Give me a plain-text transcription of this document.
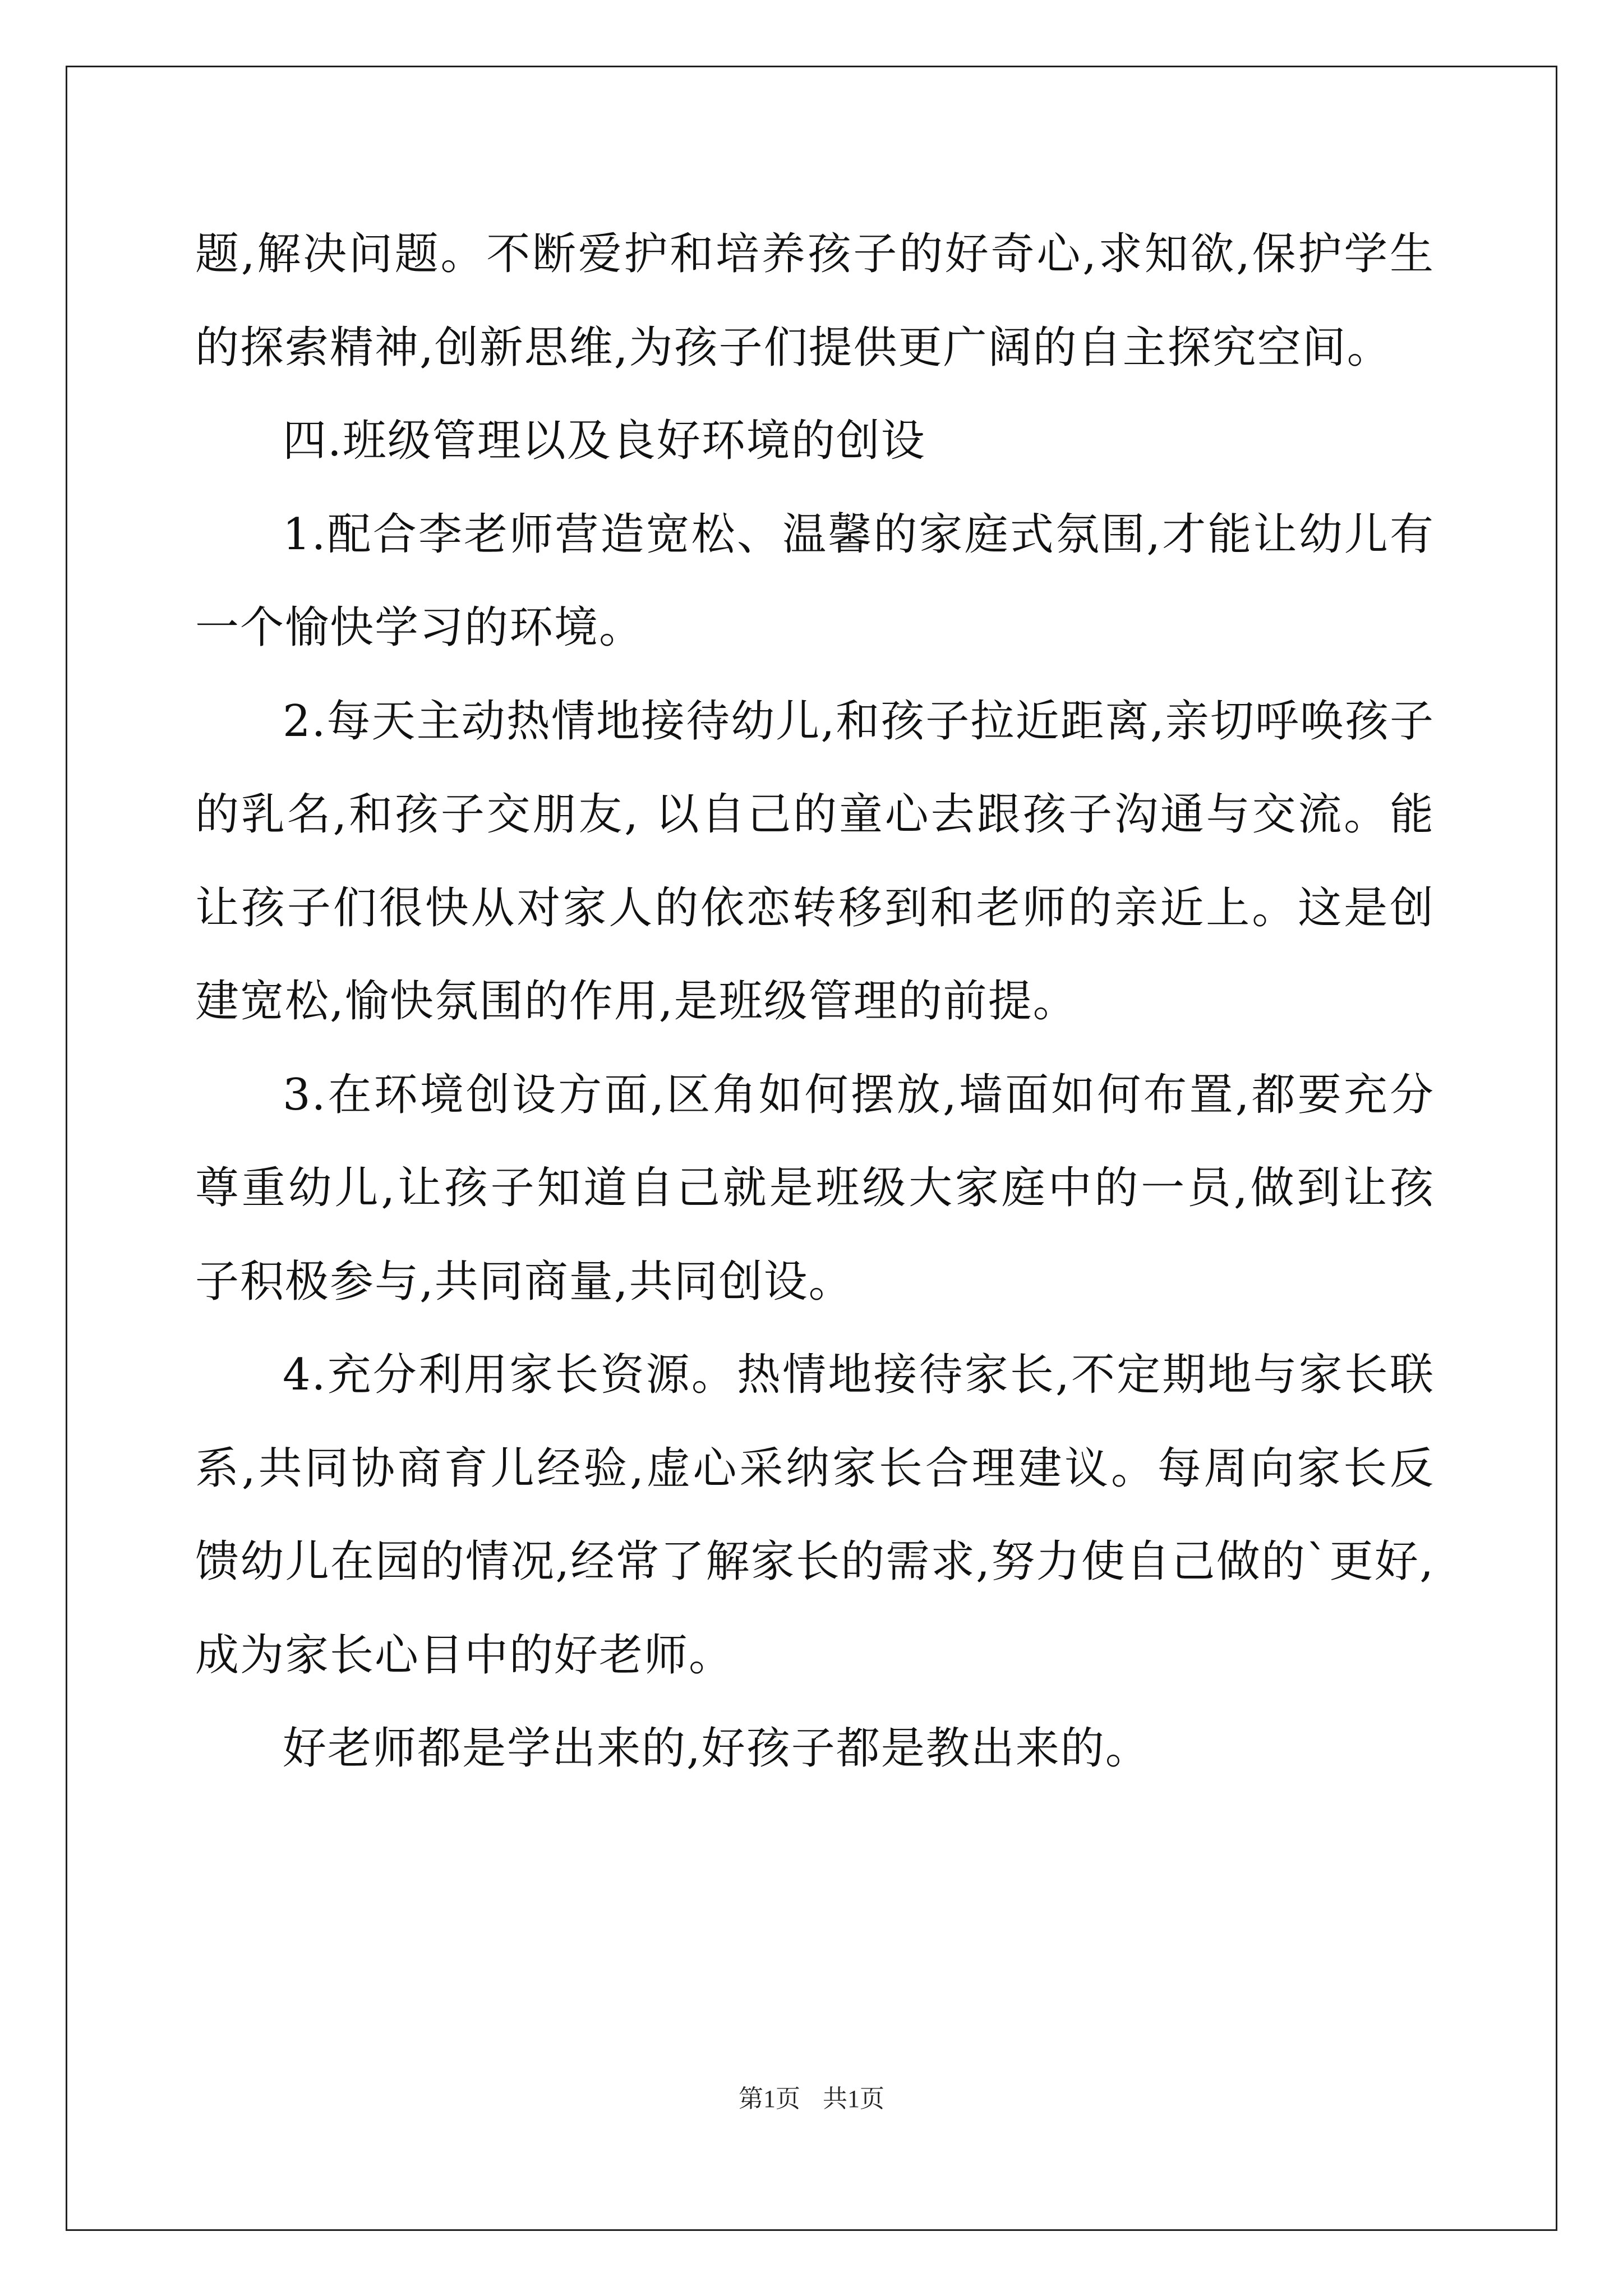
题,解决问题。不断爱护和培养孩子的好奇心,求知欲,保护学生的探索精神,创新思维,为孩子们提供更广阔的自主探究空间。

四.班级管理以及良好环境的创设

1.配合李老师营造宽松、温馨的家庭式氛围,才能让幼儿有一个愉快学习的环境。

2.每天主动热情地接待幼儿,和孩子拉近距离,亲切呼唤孩子的乳名,和孩子交朋友, 以自己的童心去跟孩子沟通与交流。能让孩子们很快从对家人的依恋转移到和老师的亲近上。这是创建宽松,愉快氛围的作用,是班级管理的前提。

3.在环境创设方面,区角如何摆放,墙面如何布置,都要充分尊重幼儿,让孩子知道自己就是班级大家庭中的一员,做到让孩子积极参与,共同商量,共同创设。

4.充分利用家长资源。热情地接待家长,不定期地与家长联系,共同协商育儿经验,虚心采纳家长合理建议。每周向家长反馈幼儿在园的情况,经常了解家长的需求,努力使自己做的`更好,成为家长心目中的好老师。

好老师都是学出来的,好孩子都是教出来的。

第1页 共1页
